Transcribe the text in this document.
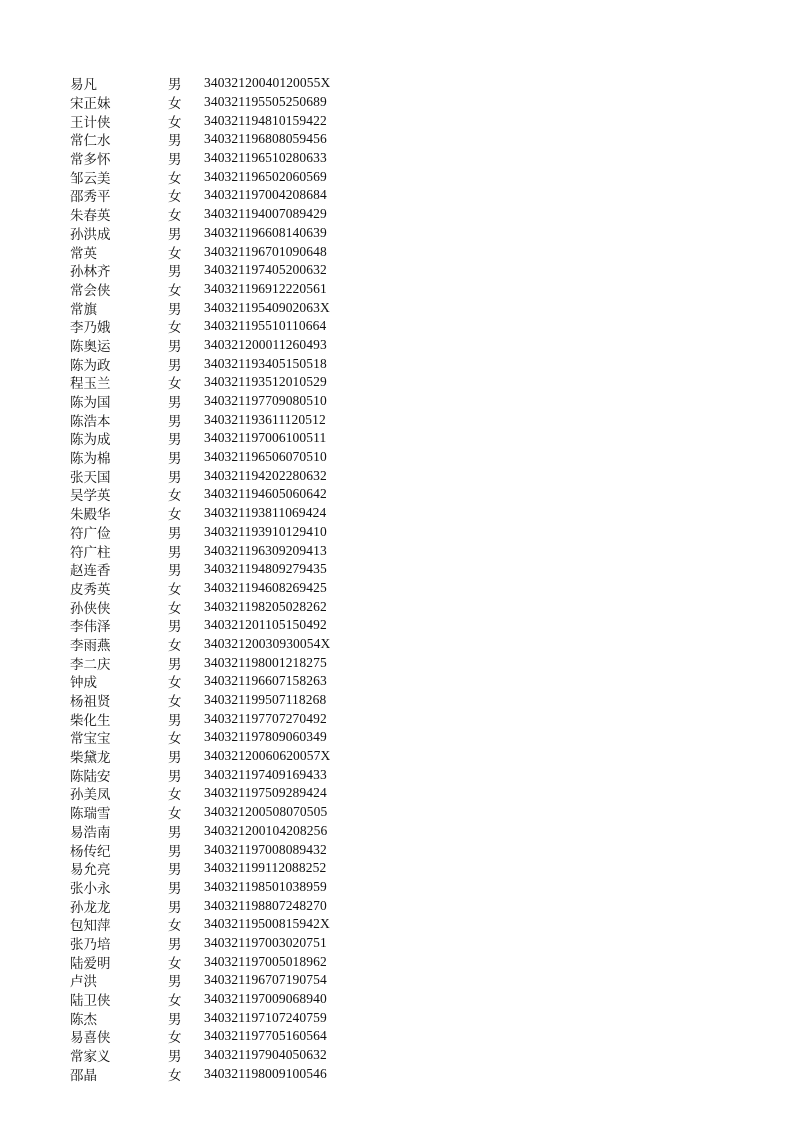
易凡	男	34032120040120055X
宋正妹	女	340321195505250689
王计侠	女	340321194810159422
常仁水	男	340321196808059456
常多怀	男	340321196510280633
邹云美	女	340321196502060569
邵秀平	女	340321197004208684
朱春英	女	340321194007089429
孙洪成	男	340321196608140639
常英	女	340321196701090648
孙林齐	男	340321197405200632
常会侠	女	340321196912220561
常旗	男	34032119540902063X
李乃娥	女	340321195510110664
陈奥运	男	340321200011260493
陈为政	男	340321193405150518
程玉兰	女	340321193512010529
陈为国	男	340321197709080510
陈浩本	男	340321193611120512
陈为成	男	340321197006100511
陈为棉	男	340321196506070510
张天国	男	340321194202280632
吴学英	女	340321194605060642
朱殿华	女	340321193811069424
符广俭	男	340321193910129410
符广柱	男	340321196309209413
赵连香	男	340321194809279435
皮秀英	女	340321194608269425
孙侠侠	女	340321198205028262
李伟泽	男	340321201105150492
李雨燕	女	34032120030930054X
李二庆	男	340321198001218275
钟成	女	340321196607158263
杨祖贤	女	340321199507118268
柴化生	男	340321197707270492
常宝宝	女	340321197809060349
柴黛龙	男	34032120060620057X
陈陆安	男	340321197409169433
孙美凤	女	340321197509289424
陈瑞雪	女	340321200508070505
易浩南	男	340321200104208256
杨传纪	男	340321197008089432
易允亮	男	340321199112088252
张小永	男	340321198501038959
孙龙龙	男	340321198807248270
包知萍	女	34032119500815942X
张乃培	男	340321197003020751
陆爱明	女	340321197005018962
卢洪	男	340321196707190754
陆卫侠	女	340321197009068940
陈杰	男	340321197107240759
易喜侠	女	340321197705160564
常家义	男	340321197904050632
邵晶	女	340321198009100546
